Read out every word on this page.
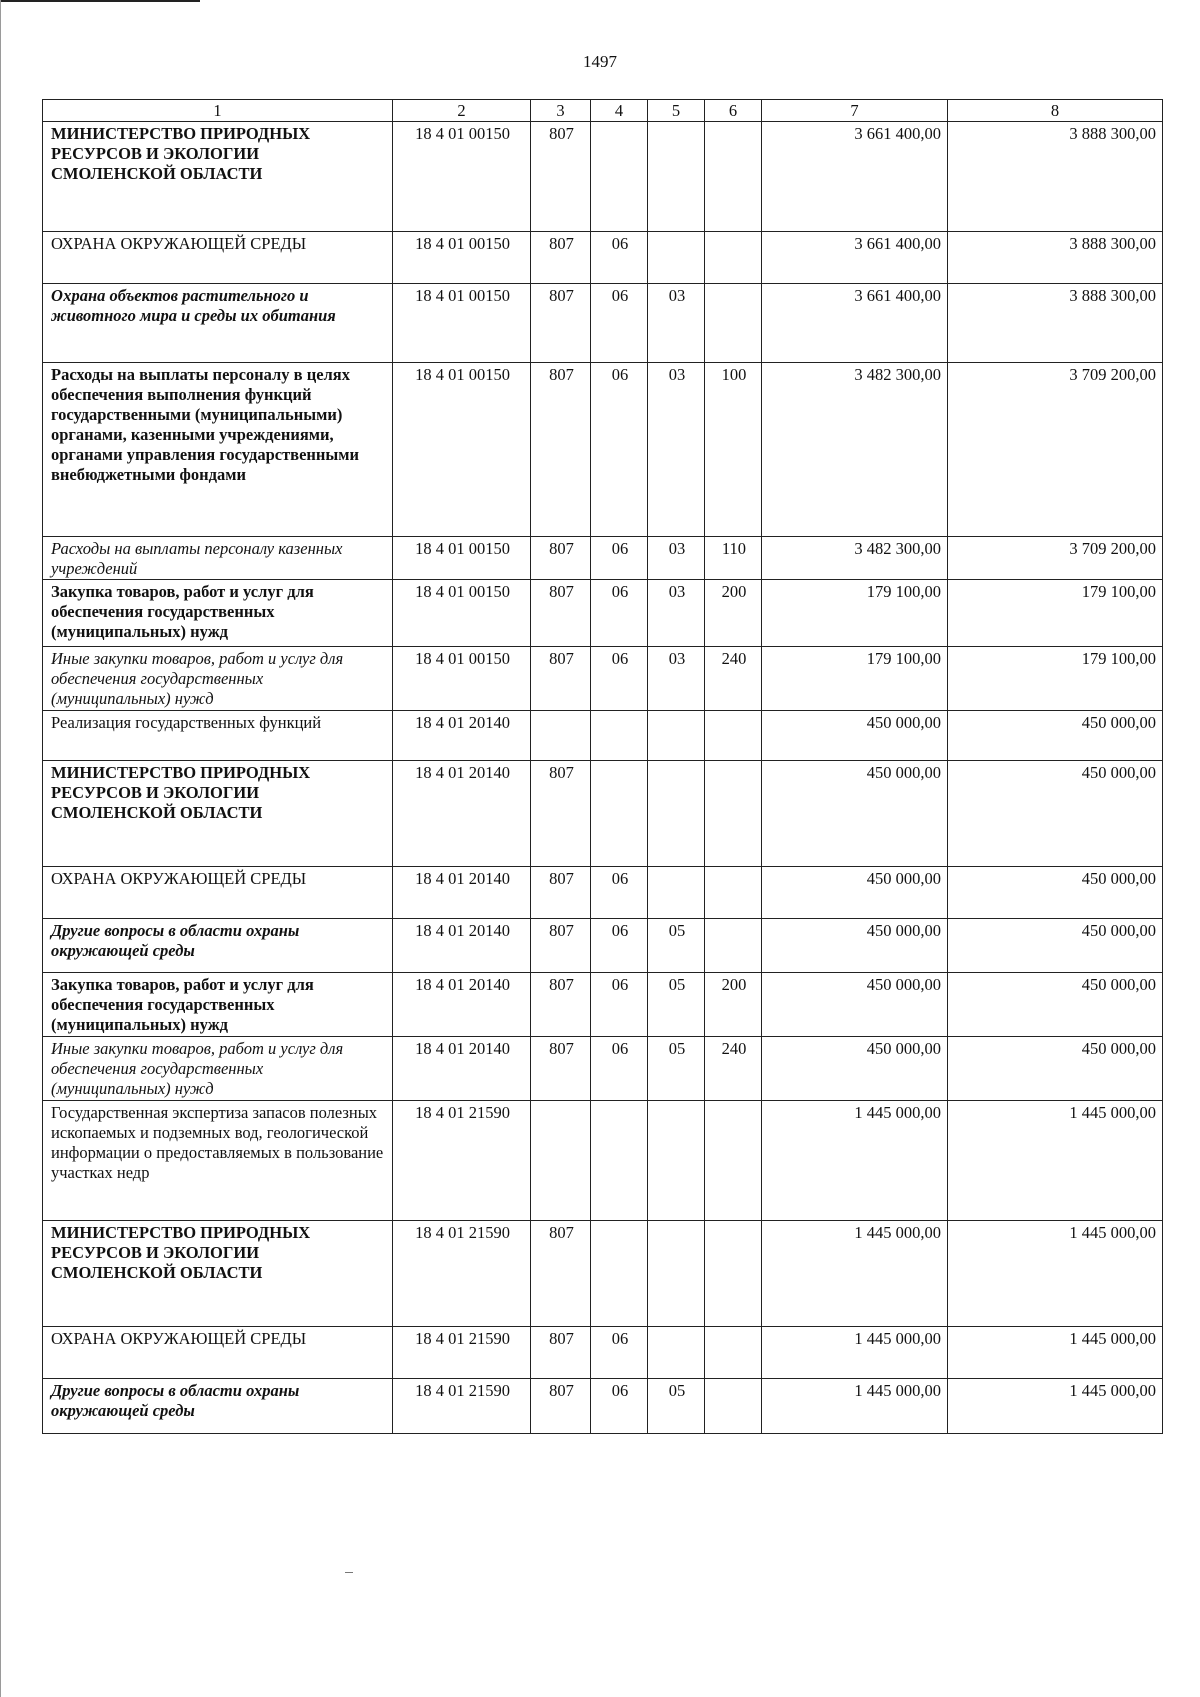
1497
1	2	3	4	5	6	7	8
МИНИСТЕРСТВО ПРИРОДНЫХ РЕСУРСОВ И ЭКОЛОГИИ СМОЛЕНСКОЙ ОБЛАСТИ	18 4 01 00150	807				3 661 400,00	3 888 300,00
ОХРАНА ОКРУЖАЮЩЕЙ СРЕДЫ	18 4 01 00150	807	06			3 661 400,00	3 888 300,00
Охрана объектов растительного и животного мира и среды их обитания	18 4 01 00150	807	06	03		3 661 400,00	3 888 300,00
Расходы на выплаты персоналу в целях обеспечения выполнения функций государственными (муниципальными) органами, казенными учреждениями, органами управления государственными внебюджетными фондами	18 4 01 00150	807	06	03	100	3 482 300,00	3 709 200,00
Расходы на выплаты персоналу казенных учреждений	18 4 01 00150	807	06	03	110	3 482 300,00	3 709 200,00
Закупка товаров, работ и услуг для обеспечения государственных (муниципальных) нужд	18 4 01 00150	807	06	03	200	179 100,00	179 100,00
Иные закупки товаров, работ и услуг для обеспечения государственных (муниципальных) нужд	18 4 01 00150	807	06	03	240	179 100,00	179 100,00
Реализация государственных функций	18 4 01 20140					450 000,00	450 000,00
МИНИСТЕРСТВО ПРИРОДНЫХ РЕСУРСОВ И ЭКОЛОГИИ СМОЛЕНСКОЙ ОБЛАСТИ	18 4 01 20140	807				450 000,00	450 000,00
ОХРАНА ОКРУЖАЮЩЕЙ СРЕДЫ	18 4 01 20140	807	06			450 000,00	450 000,00
Другие вопросы в области охраны окружающей среды	18 4 01 20140	807	06	05		450 000,00	450 000,00
Закупка товаров, работ и услуг для обеспечения государственных (муниципальных) нужд	18 4 01 20140	807	06	05	200	450 000,00	450 000,00
Иные закупки товаров, работ и услуг для обеспечения государственных (муниципальных) нужд	18 4 01 20140	807	06	05	240	450 000,00	450 000,00
Государственная экспертиза запасов полезных ископаемых и подземных вод, геологической информации о предоставляемых в пользование участках недр	18 4 01 21590					1 445 000,00	1 445 000,00
МИНИСТЕРСТВО ПРИРОДНЫХ РЕСУРСОВ И ЭКОЛОГИИ СМОЛЕНСКОЙ ОБЛАСТИ	18 4 01 21590	807				1 445 000,00	1 445 000,00
ОХРАНА ОКРУЖАЮЩЕЙ СРЕДЫ	18 4 01 21590	807	06			1 445 000,00	1 445 000,00
Другие вопросы в области охраны окружающей среды	18 4 01 21590	807	06	05		1 445 000,00	1 445 000,00
